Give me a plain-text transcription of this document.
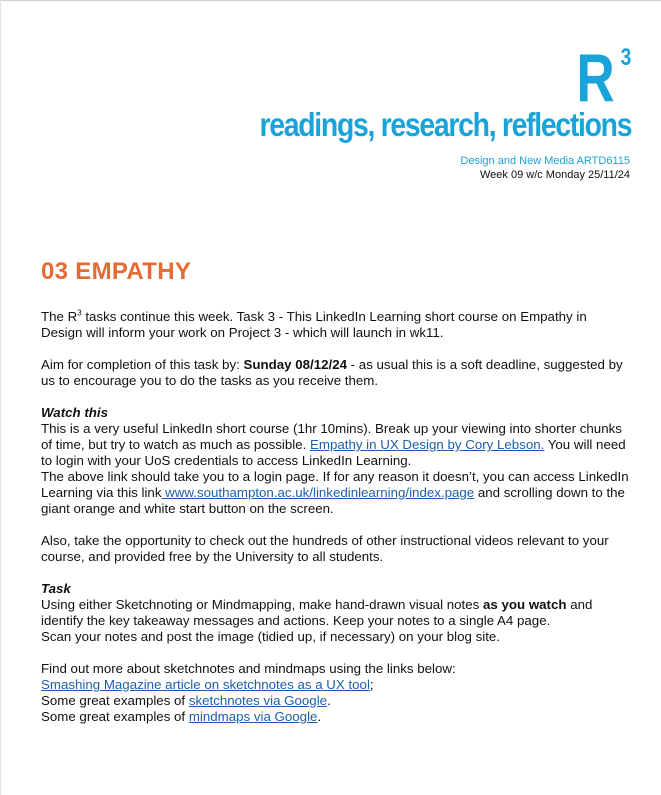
R 3
readings, research, reflections
Design and New Media ARTD6115
Week 09 w/c Monday 25/11/24
03 EMPATHY

The $R^3$ tasks continue this week. Task 3 - This LinkedIn Learning short course on Empathy in Design will inform your work on Project 3 - which will launch in wk11.

Aim for completion of this task by: Sunday 08/12/24 - as usual this is a soft deadline, suggested by us to encourage you to do the tasks as you receive them.

Watch this
This is a very useful LinkedIn short course (1hr 10mins). Break up your viewing into shorter chunks of time, but try to watch as much as possible. Empathy in UX Design by Cory Lebson. You will need to login with your UoS credentials to access LinkedIn Learning.

The above link should take you to a login page. If for any reason it doesn’t, you can access LinkedIn Learning via this link www.southampton.ac.uk/linkedinlearning/index.page and scrolling down to the giant orange and white start button on the screen.

Also, take the opportunity to check out the hundreds of other instructional videos relevant to your course, and provided free by the University to all students.

Task
Using either Sketchnoting or Mindmapping, make hand-drawn visual notes as you watch and identify the key takeaway messages and actions. Keep your notes to a single A4 page.

Scan your notes and post the image (tidied up, if necessary) on your blog site.

Find out more about sketchnotes and mindmaps using the links below:
Smashing Magazine article on sketchnotes as a UX tool;
Some great examples of sketchnotes via Google.
Some great examples of mindmaps via Google.
